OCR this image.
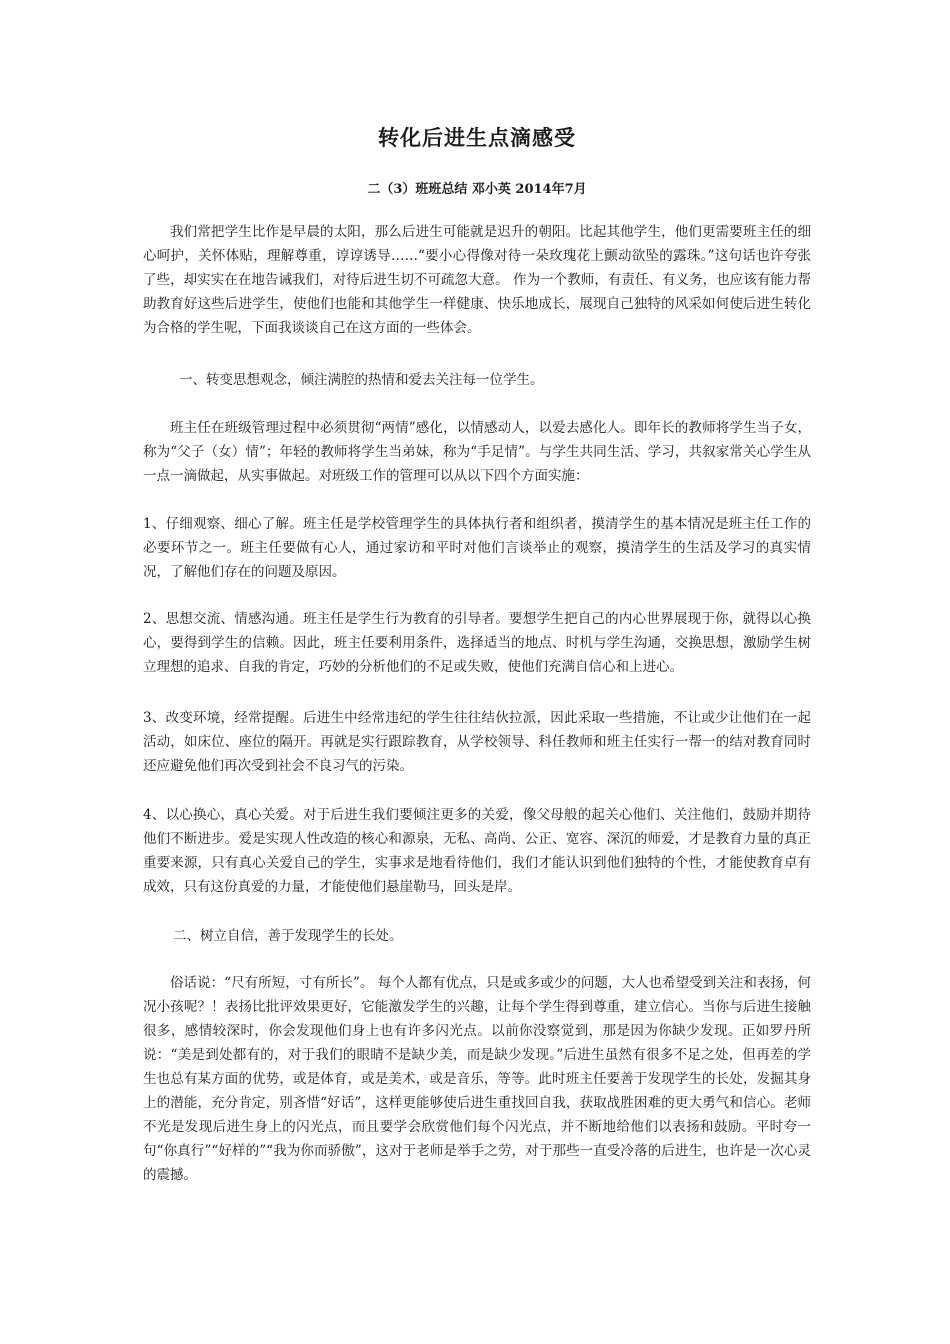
转化后进生点滴感受

二（3）班班总结 邓小英 2014年7月

我们常把学生比作是早晨的太阳，那么后进生可能就是迟升的朝阳。比起其他学生，他们更需要班主任的细心呵护，关怀体贴，理解尊重，谆谆诱导……“要小心得像对待一朵玫瑰花上颤动欲坠的露珠。”这句话也许夸张了些，却实实在在地告诫我们，对待后进生切不可疏忽大意。 作为一个教师，有责任、有义务，也应该有能力帮助教育好这些后进学生，使他们也能和其他学生一样健康、快乐地成长，展现自己独特的风采如何使后进生转化为合格的学生呢，下面我谈谈自己在这方面的一些体会。

一、转变思想观念，倾注满腔的热情和爱去关注每一位学生。

班主任在班级管理过程中必须贯彻“两情”感化，以情感动人，以爱去感化人。即年长的教师将学生当子女，称为“父子（女）情”；年轻的教师将学生当弟妹，称为“手足情”。与学生共同生活、学习，共叙家常关心学生从一点一滴做起，从实事做起。对班级工作的管理可以从以下四个方面实施：

1、仔细观察、细心了解。班主任是学校管理学生的具体执行者和组织者，摸清学生的基本情况是班主任工作的必要环节之一。班主任要做有心人，通过家访和平时对他们言谈举止的观察，摸清学生的生活及学习的真实情况，了解他们存在的问题及原因。

2、思想交流、情感沟通。班主任是学生行为教育的引导者。要想学生把自己的内心世界展现于你，就得以心换心，要得到学生的信赖。因此，班主任要利用条件，选择适当的地点、时机与学生沟通，交换思想，激励学生树立理想的追求、自我的肯定，巧妙的分析他们的不足或失败，使他们充满自信心和上进心。

3、改变环境，经常提醒。后进生中经常违纪的学生往往结伙拉派，因此采取一些措施，不让或少让他们在一起活动，如床位、座位的隔开。再就是实行跟踪教育，从学校领导、科任教师和班主任实行一帮一的结对教育同时还应避免他们再次受到社会不良习气的污染。

4、以心换心，真心关爱。对于后进生我们要倾注更多的关爱，像父母般的起关心他们、关注他们，鼓励并期待他们不断进步。爱是实现人性改造的核心和源泉，无私、高尚、公正、宽容、深沉的师爱，才是教育力量的真正重要来源，只有真心关爱自己的学生，实事求是地看待他们，我们才能认识到他们独特的个性，才能使教育卓有成效，只有这份真爱的力量，才能使他们悬崖勒马，回头是岸。

二、树立自信，善于发现学生的长处。

俗话说：“尺有所短，寸有所长”。 每个人都有优点，只是或多或少的问题，大人也希望受到关注和表扬，何况小孩呢？！表扬比批评效果更好，它能激发学生的兴趣，让每个学生得到尊重，建立信心。当你与后进生接触很多，感情较深时，你会发现他们身上也有许多闪光点。以前你没察觉到，那是因为你缺少发现。正如罗丹所说：“美是到处都有的，对于我们的眼睛不是缺少美，而是缺少发现。”后进生虽然有很多不足之处，但再差的学生也总有某方面的优势，或是体育，或是美术，或是音乐，等等。此时班主任要善于发现学生的长处，发掘其身上的潜能，充分肯定，别吝惜“好话”，这样更能够使后进生重找回自我，获取战胜困难的更大勇气和信心。老师不光是发现后进生身上的闪光点，而且要学会欣赏他们每个闪光点，并不断地给他们以表扬和鼓励。平时夸一句“你真行”“好样的”“我为你而骄傲”，这对于老师是举手之劳，对于那些一直受冷落的后进生，也许是一次心灵的震撼。
